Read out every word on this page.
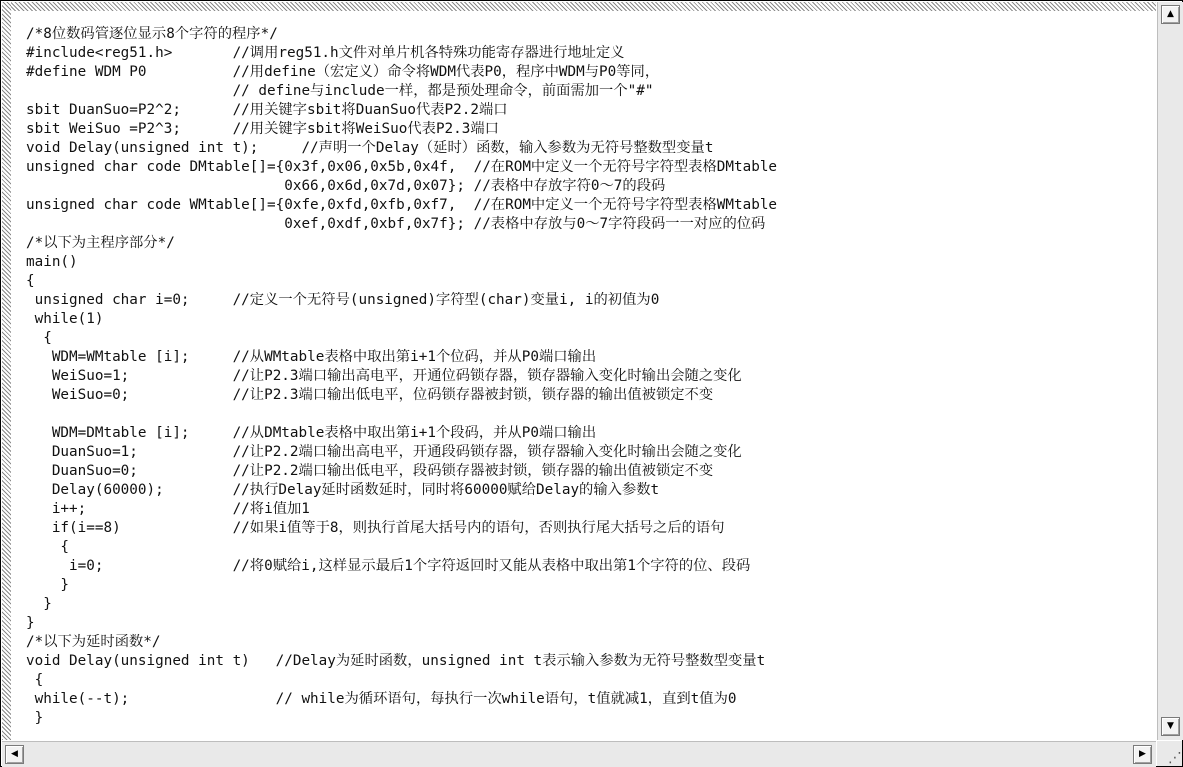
/*8位数码管逐位显示8个字符的程序*/
#include<reg51.h>       //调用reg51.h文件对单片机各特殊功能寄存器进行地址定义
#define WDM P0          //用define（宏定义）命令将WDM代表P0，程序中WDM与P0等同，
// define与include一样，都是预处理命令，前面需加一个"#"
sbit DuanSuo=P2^2;      //用关键字sbit将DuanSuo代表P2.2端口
sbit WeiSuo =P2^3;      //用关键字sbit将WeiSuo代表P2.3端口
void Delay(unsigned int t);     //声明一个Delay（延时）函数，输入参数为无符号整数型变量t
unsigned char code DMtable[]={0x3f,0x06,0x5b,0x4f,  //在ROM中定义一个无符号字符型表格DMtable
0x66,0x6d,0x7d,0x07}; //表格中存放字符0～7的段码
unsigned char code WMtable[]={0xfe,0xfd,0xfb,0xf7,  //在ROM中定义一个无符号字符型表格WMtable
0xef,0xdf,0xbf,0x7f}; //表格中存放与0～7字符段码一一对应的位码
/*以下为主程序部分*/
main()
{
unsigned char i=0;     //定义一个无符号(unsigned)字符型(char)变量i, i的初值为0
while(1)
{
WDM=WMtable [i];     //从WMtable表格中取出第i+1个位码，并从P0端口输出
WeiSuo=1;            //让P2.3端口输出高电平，开通位码锁存器，锁存器输入变化时输出会随之变化
WeiSuo=0;            //让P2.3端口输出低电平，位码锁存器被封锁，锁存器的输出值被锁定不变
WDM=DMtable [i];     //从DMtable表格中取出第i+1个段码，并从P0端口输出
DuanSuo=1;           //让P2.2端口输出高电平，开通段码锁存器，锁存器输入变化时输出会随之变化
DuanSuo=0;           //让P2.2端口输出低电平，段码锁存器被封锁，锁存器的输出值被锁定不变
Delay(60000);        //执行Delay延时函数延时，同时将60000赋给Delay的输入参数t
i++;                 //将i值加1
if(i==8)             //如果i值等于8，则执行首尾大括号内的语句，否则执行尾大括号之后的语句
{
i=0;               //将0赋给i,这样显示最后1个字符返回时又能从表格中取出第1个字符的位、段码
}
}
}
/*以下为延时函数*/
void Delay(unsigned int t)   //Delay为延时函数，unsigned int t表示输入参数为无符号整数型变量t
{
while(--t);                 // while为循环语句，每执行一次while语句，t值就减1，直到t值为0
}
▲
▼
◀	▶	⋰
